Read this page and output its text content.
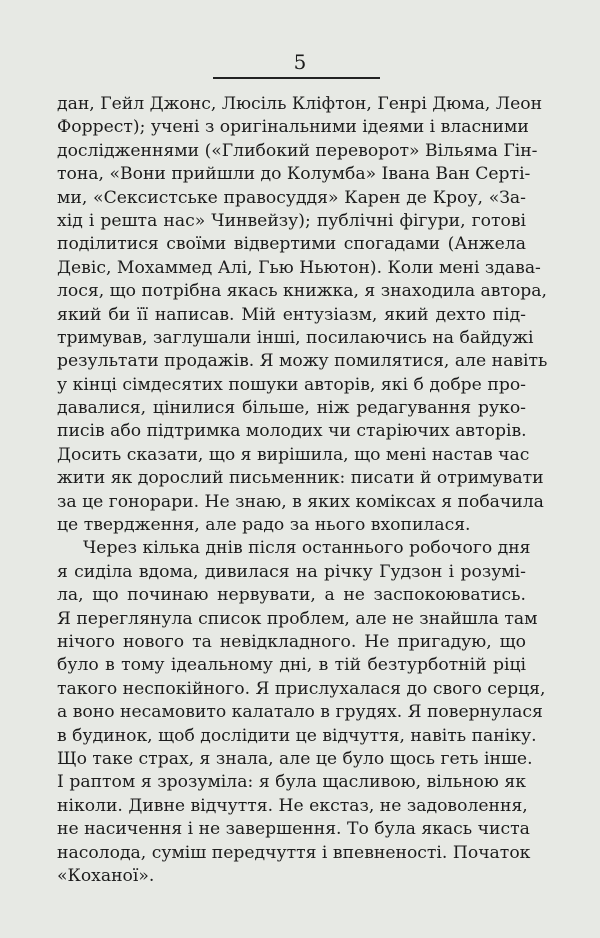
5
дан, Гейл Джонс, Люсіль Кліфтон, Генрі Дюма, Леон
Форрест); учені з оригінальними ідеями і власними
дослідженнями («Глибокий переворот» Вільяма Гін-
тона, «Вони прийшли до Колумба» Івана Ван Серті-
ми, «Сексистське правосуддя» Карен де Кроу, «За-
хід і решта нас» Чинвейзу); публічні фігури, готові
поділитися своїми відвертими спогадами (Анжела
Девіс, Мохаммед Алі, Гью Ньютон). Коли мені здава-
лося, що потрібна якась книжка, я знаходила автора,
який би її написав. Мій ентузіазм, який дехто під-
тримував, заглушали інші, посилаючись на байдужі
результати продажів. Я можу помилятися, але навіть
у кінці сімдесятих пошуки авторів, які б добре про-
давалися, цінилися більше, ніж редагування руко-
писів або підтримка молодих чи старіючих авторів.
Досить сказати, що я вирішила, що мені настав час
жити як дорослий письменник: писати й отримувати
за це гонорари. Не знаю, в яких коміксах я побачила
це твердження, але радо за нього вхопилася.
Через кілька днів після останнього робочого дня
я сиділа вдома, дивилася на річку Гудзон і розумі-
ла, що починаю нервувати, а не заспокоюватись.
Я переглянула список проблем, але не знайшла там
нічого нового та невідкладного. Не пригадую, що
було в тому ідеальному дні, в тій безтурботній ріці
такого неспокійного. Я прислухалася до свого серця,
а воно несамовито калатало в грудях. Я повернулася
в будинок, щоб дослідити це відчуття, навіть паніку.
Що таке страх, я знала, але це було щось геть інше.
І раптом я зрозуміла: я була щасливою, вільною як
ніколи. Дивне відчуття. Не екстаз, не задоволення,
не насичення і не завершення. То була якась чиста
насолода, суміш передчуття і впевненості. Початок
«Коханої».
